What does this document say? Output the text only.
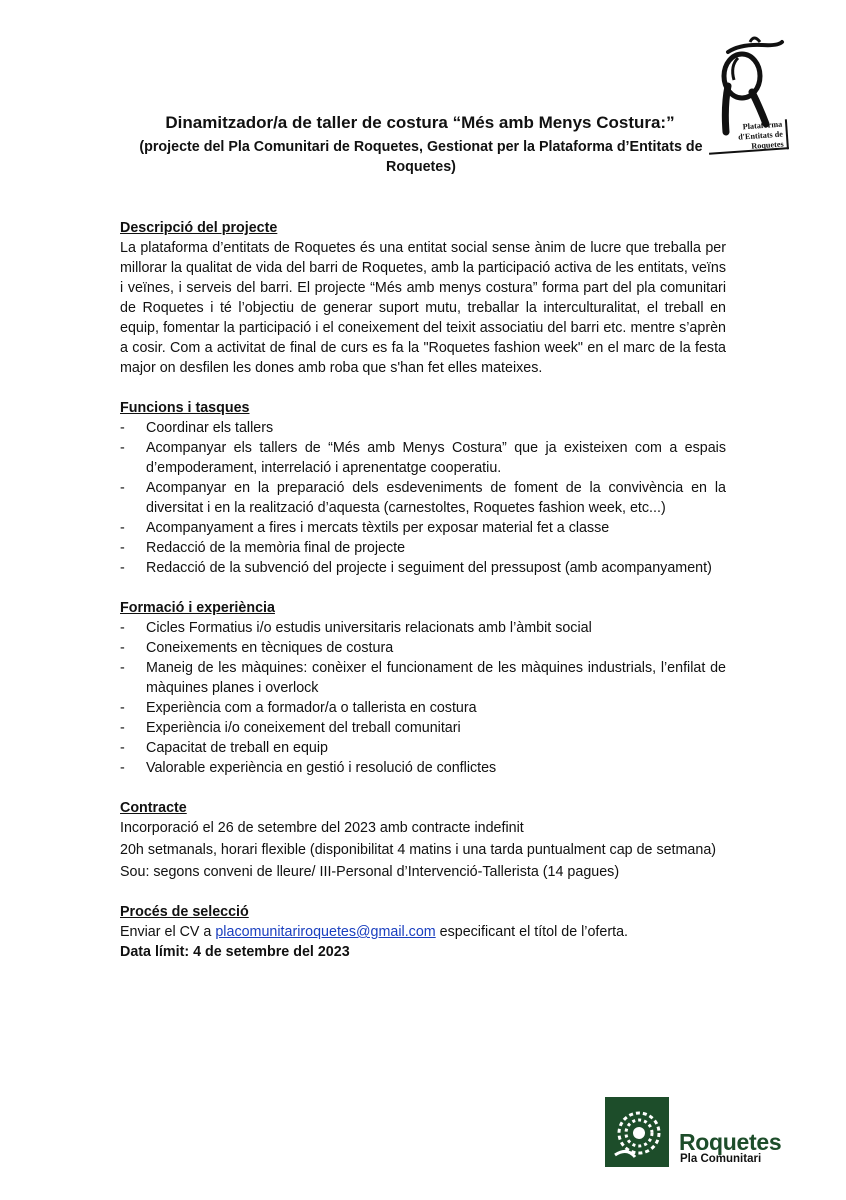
Plataforma
d'Entitats de Roquetes
Dinamitzador/a de taller de costura “Més amb Menys Costura:”

(projecte del Pla Comunitari de Roquetes, Gestionat per la Plataforma d’Entitats de Roquetes)

Descripció del projecte

La plataforma d’entitats de Roquetes és una entitat social sense ànim de lucre que treballa per millorar la qualitat de vida del barri de Roquetes, amb la participació activa de les entitats, veïns i veïnes, i serveis del barri. El projecte “Més amb menys costura” forma part del pla comunitari de Roquetes i té l’objectiu de generar suport mutu, treballar la interculturalitat, el treball en equip, fomentar la participació i el coneixement del teixit associatiu del barri etc. mentre s’aprèn a cosir. Com a activitat de final de curs es fa la "Roquetes fashion week" en el marc de la festa major on desfilen les dones amb roba que s'han fet elles mateixes.

Funcions i tasques

- Coordinar els tallers
- Acompanyar els tallers de “Més amb Menys Costura” que ja existeixen com a espais d’empoderament, interrelació i aprenentatge cooperatiu.
- Acompanyar en la preparació dels esdeveniments de foment de la convivència en la diversitat i en la realització d’aquesta (carnestoltes, Roquetes fashion week, etc...)
- Acompanyament a fires i mercats tèxtils per exposar material fet a classe
- Redacció de la memòria final de projecte
- Redacció de la subvenció del projecte i seguiment del pressupost (amb acompanyament)

Formació i experiència

- Cicles Formatius i/o estudis universitaris relacionats amb l’àmbit social
- Coneixements en tècniques de costura
- Maneig de les màquines: conèixer el funcionament de les màquines industrials, l’enfilat de màquines planes i overlock
- Experiència com a formador/a o tallerista en costura
- Experiència i/o coneixement del treball comunitari
- Capacitat de treball en equip
- Valorable experiència en gestió i resolució de conflictes

Contracte

Incorporació el 26 de setembre del 2023 amb contracte indefinit

20h setmanals, horari flexible (disponibilitat 4 matins i una tarda puntualment cap de setmana)

Sou: segons conveni de lleure/ III-Personal d’Intervenció-Tallerista (14 pagues)

Procés de selecció

Enviar el CV a placomunitariroquetes@gmail.com especificant el títol de l’oferta.

Data límit: 4 de setembre del 2023

Roquetes
Pla Comunitari
